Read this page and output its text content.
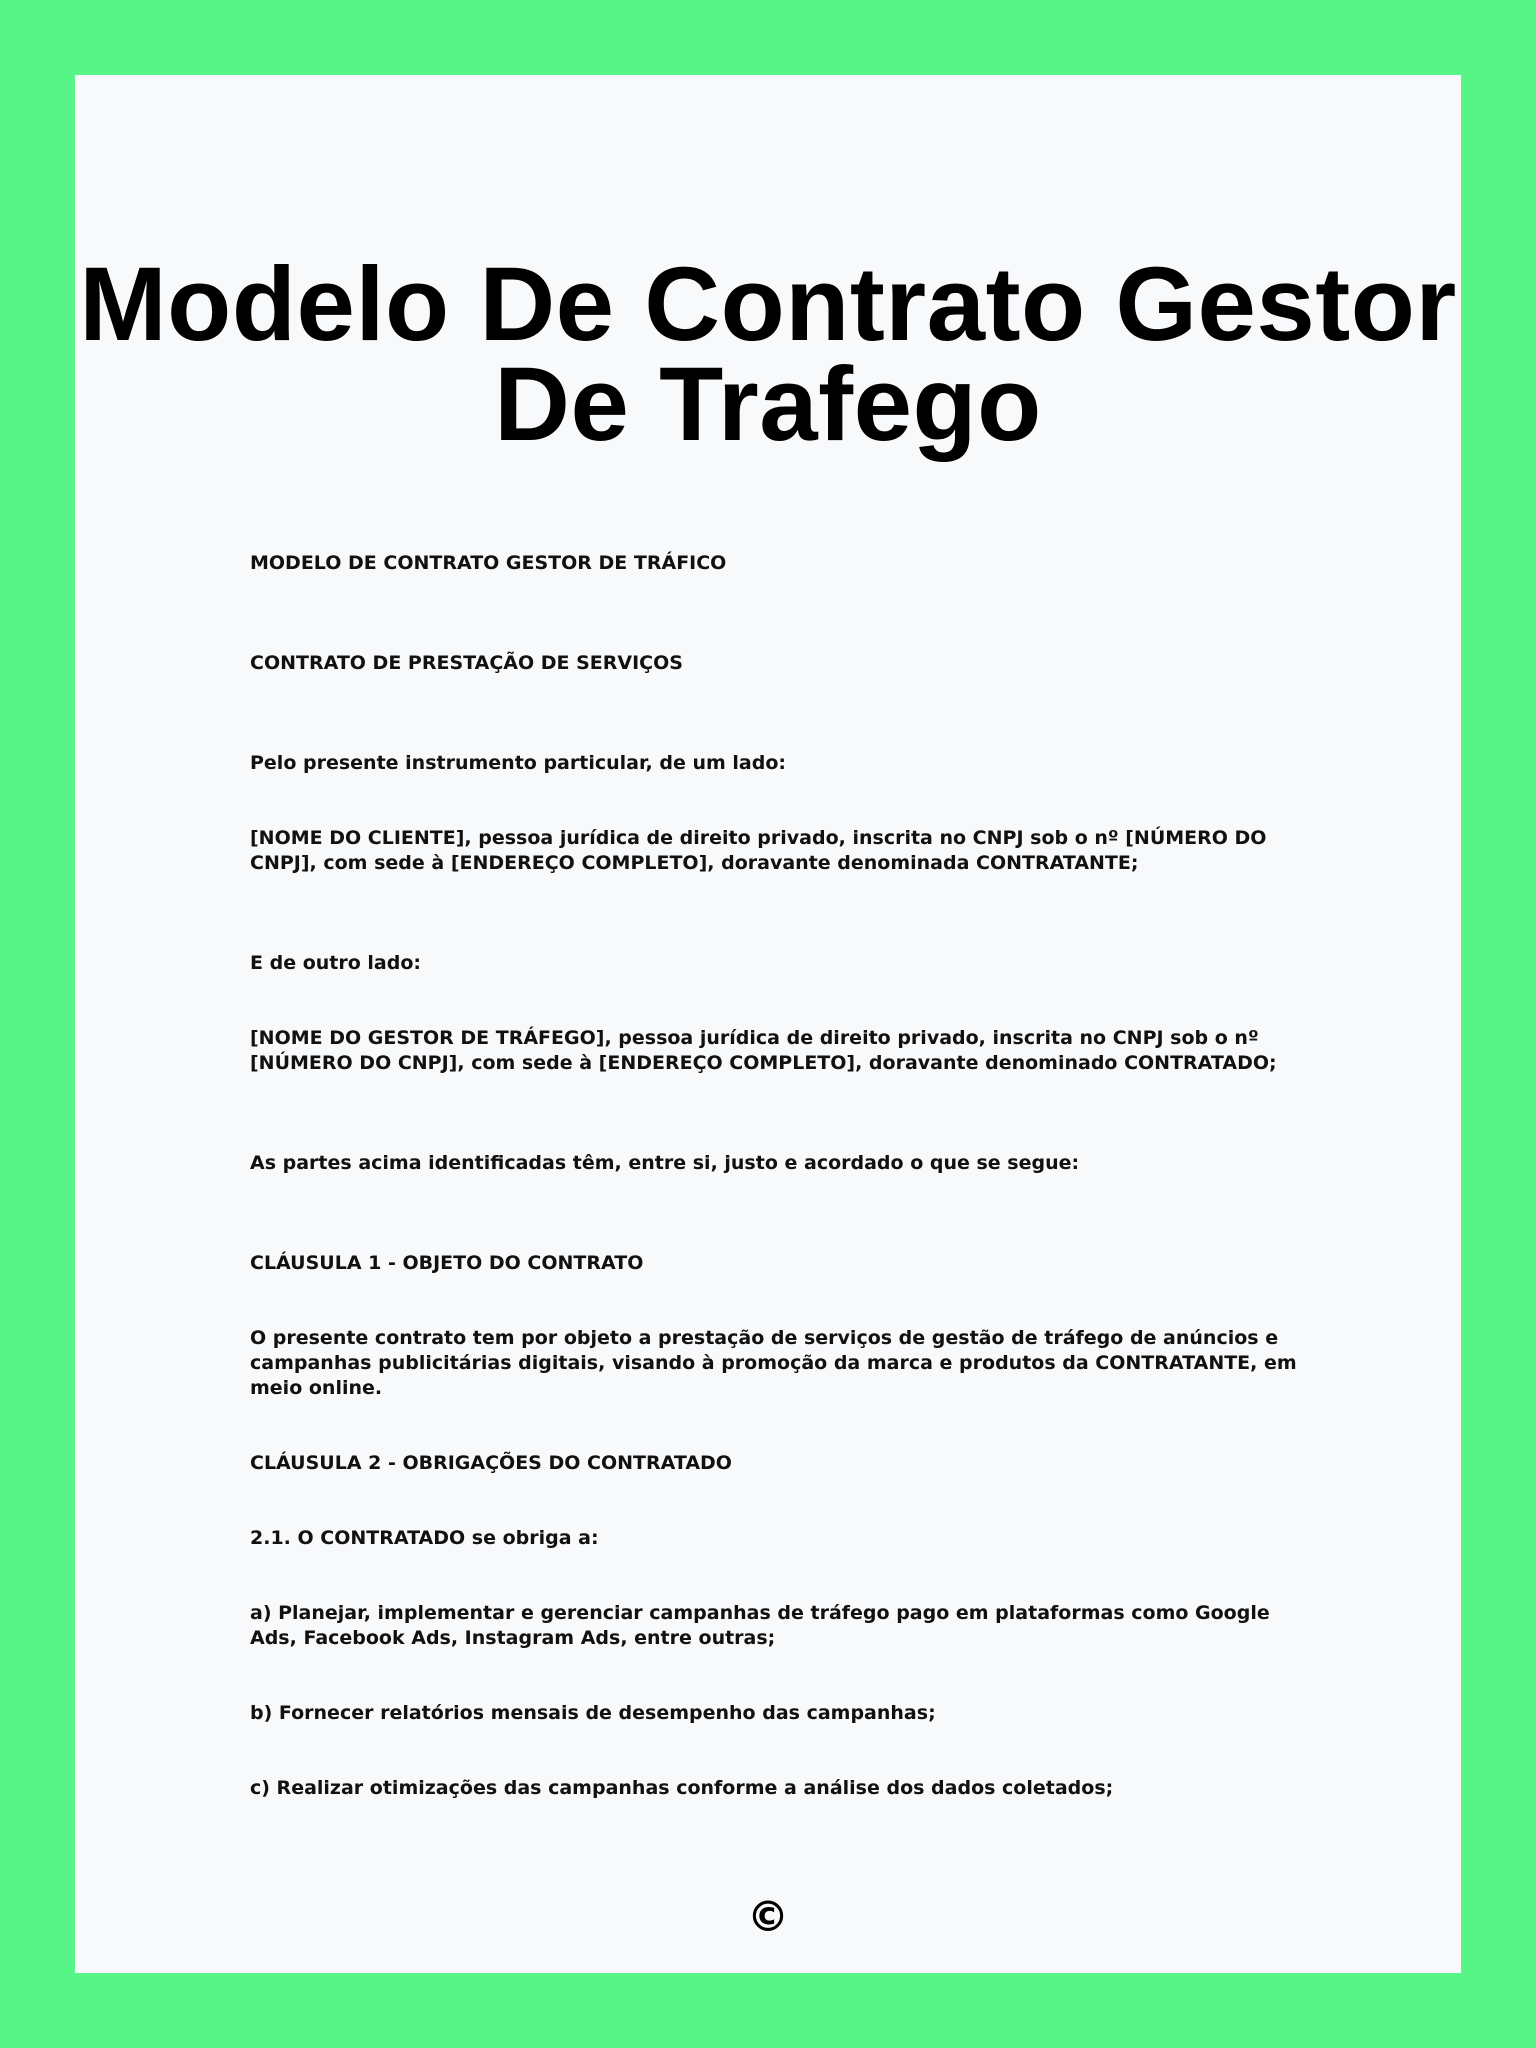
Modelo De Contrato Gestor De Trafego

MODELO DE CONTRATO GESTOR DE TRÁFICO

CONTRATO DE PRESTAÇÃO DE SERVIÇOS

Pelo presente instrumento particular, de um lado:

[NOME DO CLIENTE], pessoa jurídica de direito privado, inscrita no CNPJ sob o nº [NÚMERO DO CNPJ], com sede à [ENDEREÇO COMPLETO], doravante denominada CONTRATANTE;

E de outro lado:

[NOME DO GESTOR DE TRÁFEGO], pessoa jurídica de direito privado, inscrita no CNPJ sob o nº [NÚMERO DO CNPJ], com sede à [ENDEREÇO COMPLETO], doravante denominado CONTRATADO;

As partes acima identificadas têm, entre si, justo e acordado o que se segue:

CLÁUSULA 1 - OBJETO DO CONTRATO

O presente contrato tem por objeto a prestação de serviços de gestão de tráfego de anúncios e campanhas publicitárias digitais, visando à promoção da marca e produtos da CONTRATANTE, em meio online.

CLÁUSULA 2 - OBRIGAÇÕES DO CONTRATADO

2.1. O CONTRATADO se obriga a:

a) Planejar, implementar e gerenciar campanhas de tráfego pago em plataformas como Google Ads, Facebook Ads, Instagram Ads, entre outras;

b) Fornecer relatórios mensais de desempenho das campanhas;

c) Realizar otimizações das campanhas conforme a análise dos dados coletados;

©
